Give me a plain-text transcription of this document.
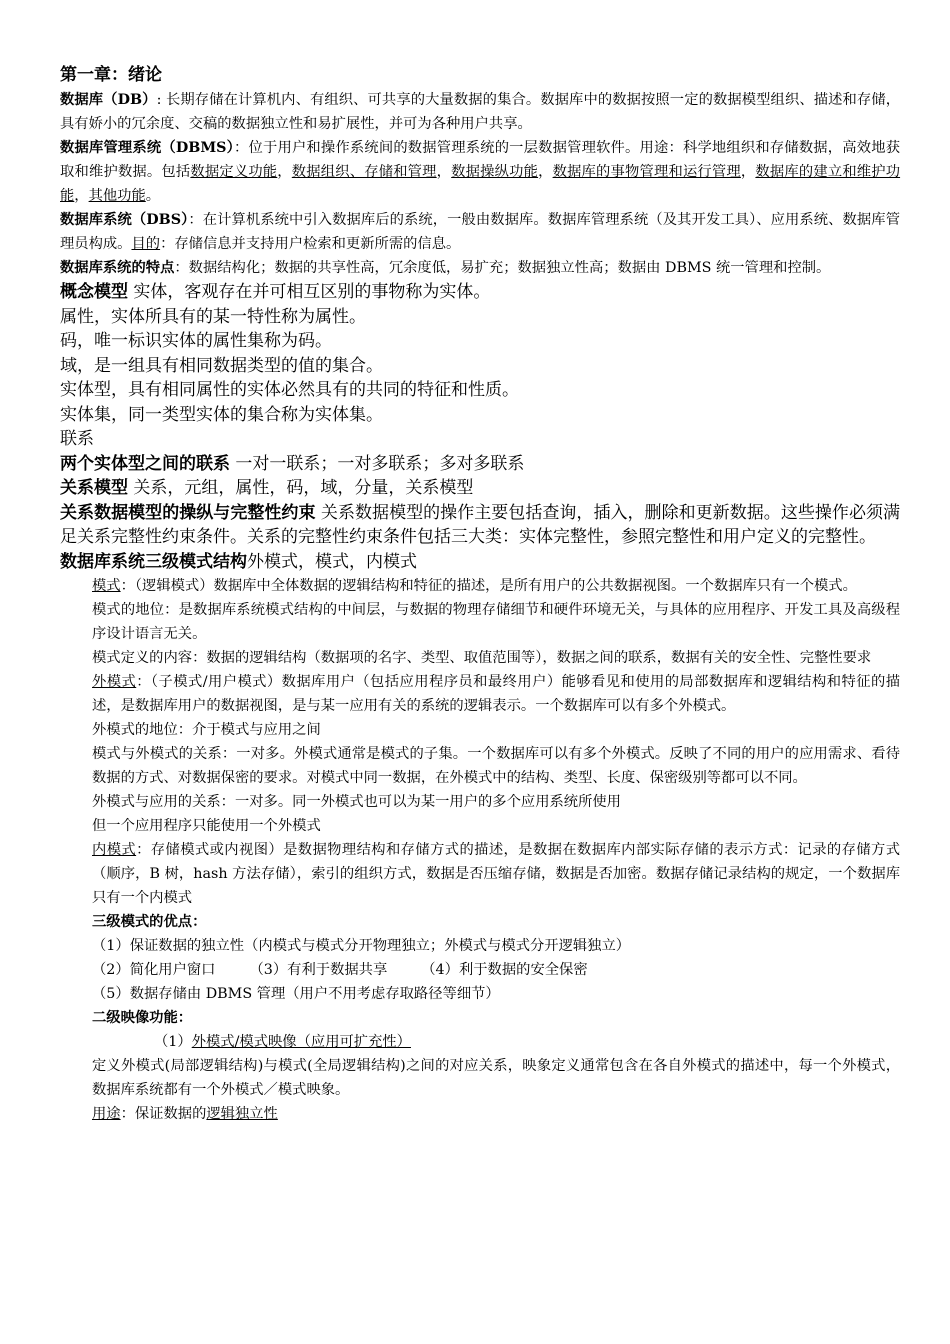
第一章：绪论

数据库（DB）: 长期存储在计算机内、有组织、可共享的大量数据的集合。数据库中的数据按照一定的数据模型组织、描述和存储，具有娇小的冗余度、交稿的数据独立性和易扩展性，并可为各种用户共享。

数据库管理系统（DBMS）：位于用户和操作系统间的数据管理系统的一层数据管理软件。用途：科学地组织和存储数据，高效地获取和维护数据。包括数据定义功能，数据组织、存储和管理，数据操纵功能，数据库的事物管理和运行管理，数据库的建立和维护功能，其他功能。

数据库系统（DBS）：在计算机系统中引入数据库后的系统，一般由数据库。数据库管理系统（及其开发工具）、应用系统、数据库管理员构成。目的：存储信息并支持用户检索和更新所需的信息。

数据库系统的特点：数据结构化；数据的共享性高，冗余度低，易扩充；数据独立性高；数据由 DBMS 统一管理和控制。

概念模型 实体，客观存在并可相互区别的事物称为实体。

属性，实体所具有的某一特性称为属性。

码，唯一标识实体的属性集称为码。

域，是一组具有相同数据类型的值的集合。

实体型，具有相同属性的实体必然具有的共同的特征和性质。

实体集，同一类型实体的集合称为实体集。

联系

两个实体型之间的联系 一对一联系；一对多联系；多对多联系

关系模型 关系，元组，属性，码，域，分量，关系模型

关系数据模型的操纵与完整性约束 关系数据模型的操作主要包括查询，插入，删除和更新数据。这些操作必须满足关系完整性约束条件。关系的完整性约束条件包括三大类：实体完整性，参照完整性和用户定义的完整性。

数据库系统三级模式结构外模式，模式，内模式

模式：（逻辑模式）数据库中全体数据的逻辑结构和特征的描述，是所有用户的公共数据视图。一个数据库只有一个模式。

模式的地位：是数据库系统模式结构的中间层，与数据的物理存储细节和硬件环境无关，与具体的应用程序、开发工具及高级程序设计语言无关。

模式定义的内容：数据的逻辑结构（数据项的名字、类型、取值范围等），数据之间的联系，数据有关的安全性、完整性要求

外模式：（子模式/用户模式）数据库用户（包括应用程序员和最终用户）能够看见和使用的局部数据库和逻辑结构和特征的描述，是数据库用户的数据视图，是与某一应用有关的系统的逻辑表示。一个数据库可以有多个外模式。

外模式的地位：介于模式与应用之间

模式与外模式的关系：一对多。外模式通常是模式的子集。一个数据库可以有多个外模式。反映了不同的用户的应用需求、看待数据的方式、对数据保密的要求。对模式中同一数据，在外模式中的结构、类型、长度、保密级别等都可以不同。

外模式与应用的关系：一对多。同一外模式也可以为某一用户的多个应用系统所使用

但一个应用程序只能使用一个外模式

内模式：存储模式或内视图）是数据物理结构和存储方式的描述，是数据在数据库内部实际存储的表示方式：记录的存储方式（顺序，B 树，hash 方法存储），索引的组织方式，数据是否压缩存储，数据是否加密。数据存储记录结构的规定，一个数据库只有一个内模式

三级模式的优点：

（1）保证数据的独立性（内模式与模式分开物理独立；外模式与模式分开逻辑独立）

（2）简化用户窗口 （3）有利于数据共享 （4）利于数据的安全保密

（5）数据存储由 DBMS 管理（用户不用考虑存取路径等细节）

二级映像功能：

（1）外模式/模式映像（应用可扩充性）

定义外模式(局部逻辑结构)与模式(全局逻辑结构)之间的对应关系，映象定义通常包含在各自外模式的描述中，每一个外模式，数据库系统都有一个外模式／模式映象。

用途：保证数据的逻辑独立性
